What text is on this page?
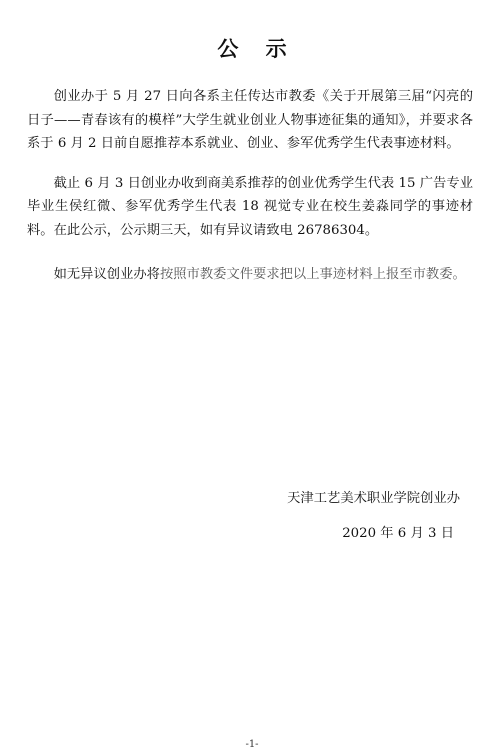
公 示

创业办于 5 月 27 日向各系主任传达市教委《关于开展第三届“闪亮的日子——青春该有的模样”大学生就业创业人物事迹征集的通知》，并要求各系于 6 月 2 日前自愿推荐本系就业、创业、参军优秀学生代表事迹材料。

截止 6 月 3 日创业办收到商美系推荐的创业优秀学生代表 15 广告专业毕业生侯红微、参军优秀学生代表 18 视觉专业在校生姜淼同学的事迹材料。在此公示，公示期三天，如有异议请致电 26786304。

如无异议创业办将按照市教委文件要求把以上事迹材料上报至市教委。

天津工艺美术职业学院创业办
2020 年 6 月 3 日
-1-
